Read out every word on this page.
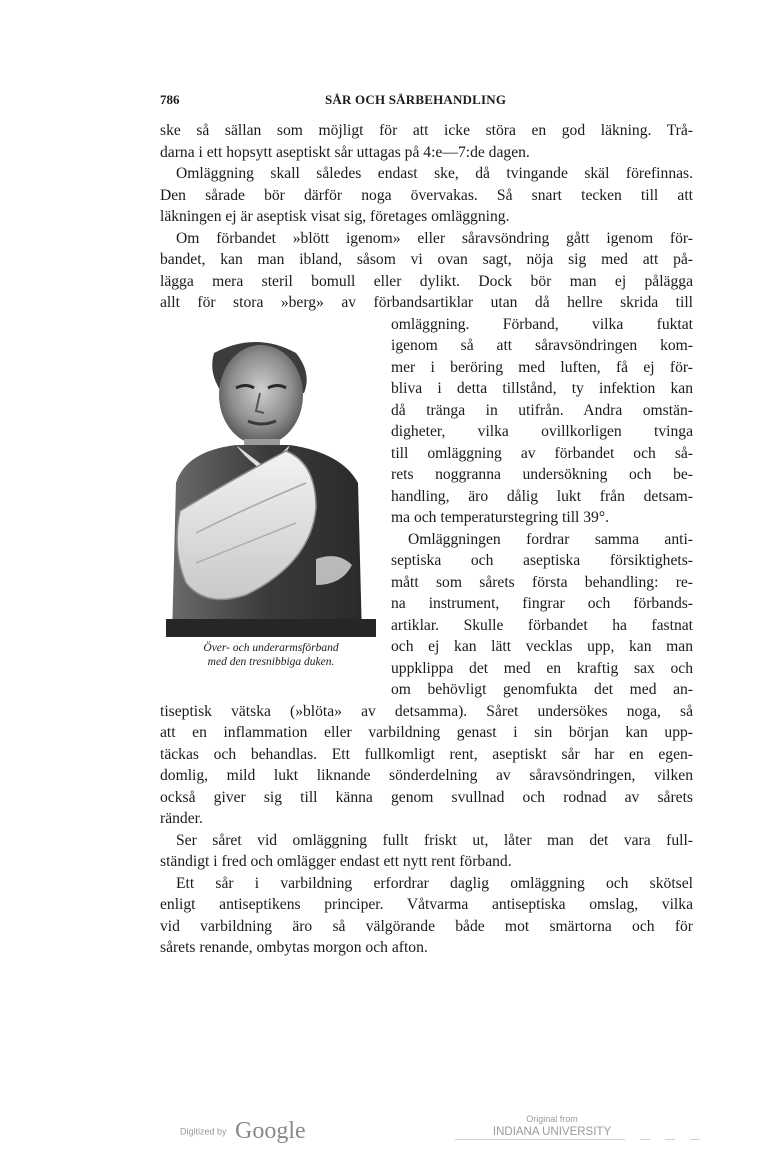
786	SÅR OCH SÅRBEHANDLING
ske så sällan som möjligt för att icke störa en god läkning. Trå-
darna i ett hopsytt aseptiskt sår uttagas på 4:e—7:de dagen.
Omläggning skall således endast ske, då tvingande skäl förefinnas.
Den sårade bör därför noga övervakas. Så snart tecken till att
läkningen ej är aseptisk visat sig, företages omläggning.
Om förbandet »blött igenom» eller såravsöndring gått igenom för-
bandet, kan man ibland, såsom vi ovan sagt, nöja sig med att på-
lägga mera steril bomull eller dylikt. Dock bör man ej pålägga
allt för stora »berg» av förbandsartiklar utan då hellre skrida till
omläggning. Förband, vilka fuktat
igenom så att såravsöndringen kom-
mer i beröring med luften, få ej för-
bliva i detta tillstånd, ty infektion kan
då tränga in utifrån. Andra omstän-
digheter, vilka ovillkorligen tvinga
till omläggning av förbandet och så-
rets noggranna undersökning och be-
handling, äro dålig lukt från detsam-
ma och temperaturstegring till 39°.
Omläggningen fordrar samma anti-
septiska och aseptiska försiktighets-
mått som sårets första behandling: re-
na instrument, fingrar och förbands-
artiklar. Skulle förbandet ha fastnat
och ej kan lätt vecklas upp, kan man
uppklippa det med en kraftig sax och
om behövligt genomfukta det med an-
tiseptisk vätska (»blöta» av detsamma). Såret undersökes noga, så
att en inflammation eller varbildning genast i sin början kan upp-
täckas och behandlas. Ett fullkomligt rent, aseptiskt sår har en egen-
domlig, mild lukt liknande sönderdelning av såravsöndringen, vilken
också giver sig till känna genom svullnad och rodnad av sårets
ränder.
Ser såret vid omläggning fullt friskt ut, låter man det vara full-
ständigt i fred och omlägger endast ett nytt rent förband.
Ett sår i varbildning erfordrar daglig omläggning och skötsel
enligt antiseptikens principer. Våtvarma antiseptiska omslag, vilka
vid varbildning äro så välgörande både mot smärtorna och för
sårets renande, ombytas morgon och afton.
Över- och underarmsförband
med den tresnibbiga duken.
Digitized by Google	Original from
INDIANA UNIVERSITY
